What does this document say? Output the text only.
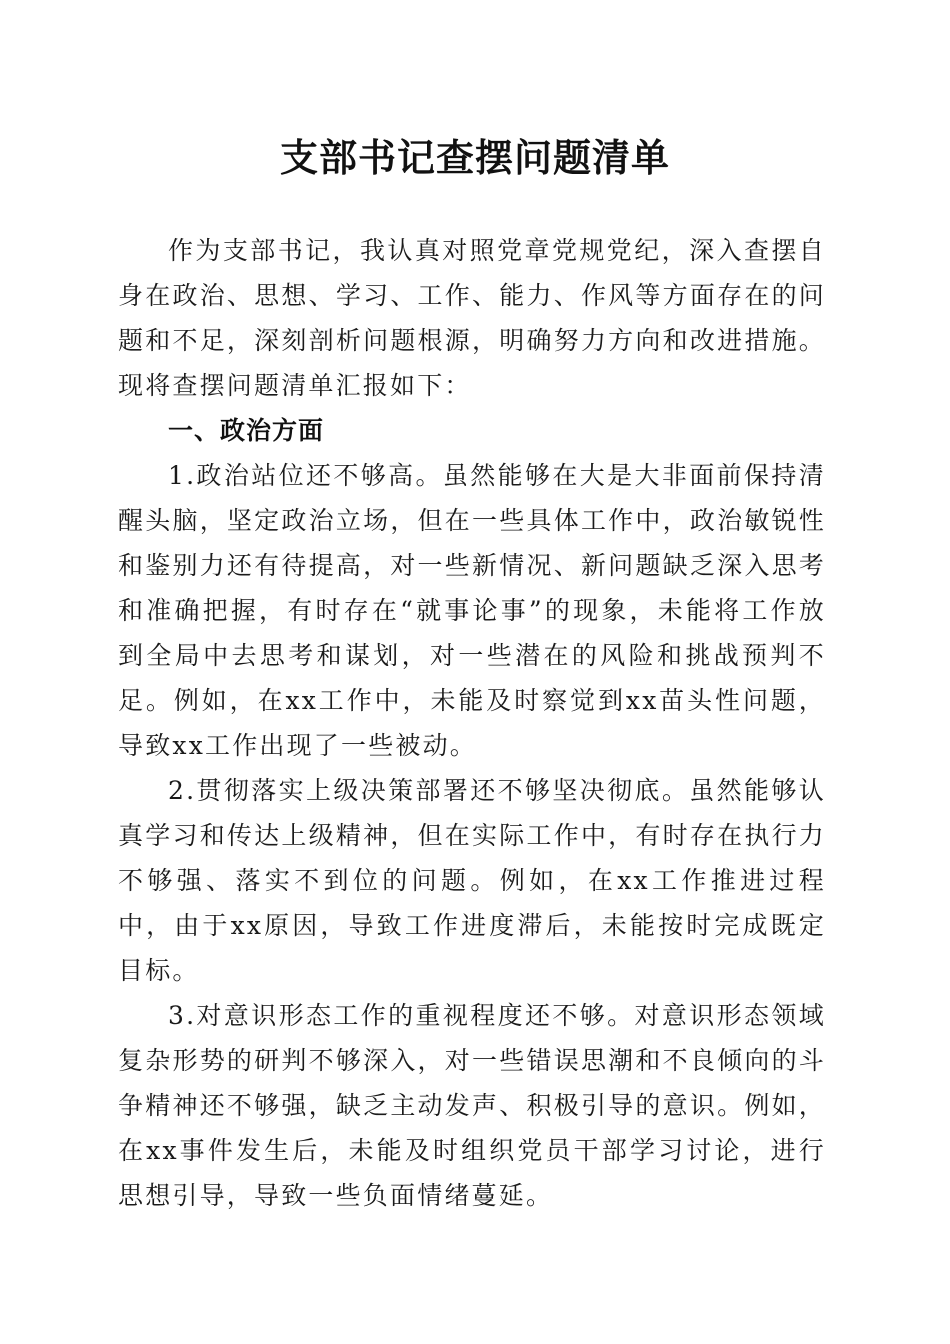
支部书记查摆问题清单

作为支部书记，我认真对照党章党规党纪，深入查摆自身在政治、思想、学习、工作、能力、作风等方面存在的问题和不足，深刻剖析问题根源，明确努力方向和改进措施。现将查摆问题清单汇报如下：

一、政治方面

1.政治站位还不够高。虽然能够在大是大非面前保持清醒头脑，坚定政治立场，但在一些具体工作中，政治敏锐性和鉴别力还有待提高，对一些新情况、新问题缺乏深入思考和准确把握，有时存在“就事论事”的现象，未能将工作放到全局中去思考和谋划，对一些潜在的风险和挑战预判不足。例如，在xx工作中，未能及时察觉到xx苗头性问题，导致xx工作出现了一些被动。

2.贯彻落实上级决策部署还不够坚决彻底。虽然能够认真学习和传达上级精神，但在实际工作中，有时存在执行力不够强、落实不到位的问题。例如，在xx工作推进过程中，由于xx原因，导致工作进度滞后，未能按时完成既定目标。

3.对意识形态工作的重视程度还不够。对意识形态领域复杂形势的研判不够深入，对一些错误思潮和不良倾向的斗争精神还不够强，缺乏主动发声、积极引导的意识。例如，在xx事件发生后，未能及时组织党员干部学习讨论，进行思想引导，导致一些负面情绪蔓延。
